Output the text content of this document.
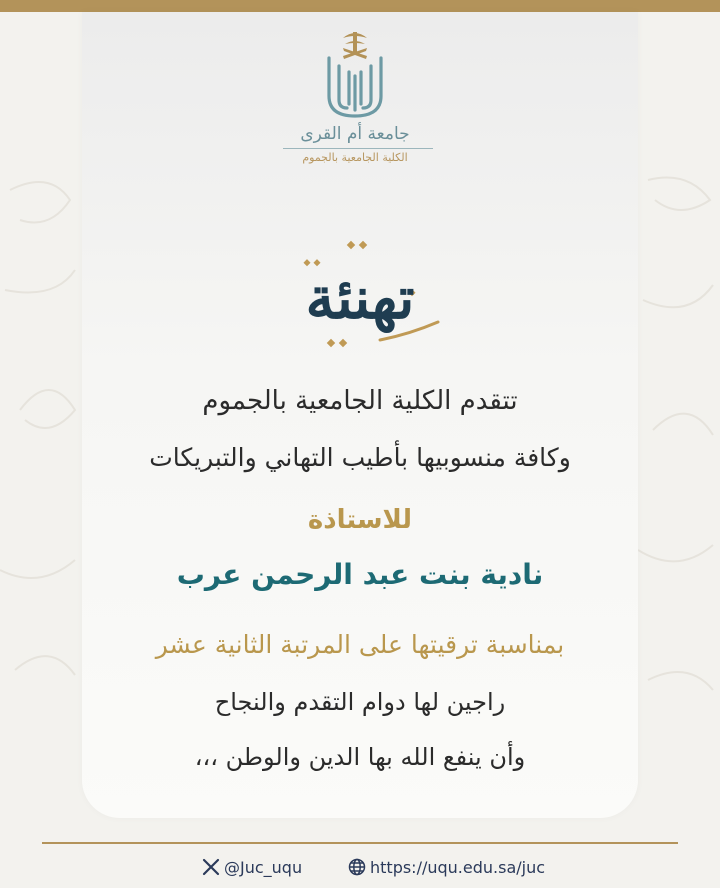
جامعة أم القرى
الكلية الجامعية بالجموم
تهنئة
تتقدم الكلية الجامعية بالجموم
وكافة منسوبيها بأطيب التهاني والتبريكات
للاستاذة
نادية بنت عبد الرحمن عرب
بمناسبة ترقيتها على المرتبة الثانية عشر
راجين لها دوام التقدم والنجاح
وأن ينفع الله بها الدين والوطن ،،،
@Juc_uqu	https://uqu.edu.sa/juc
